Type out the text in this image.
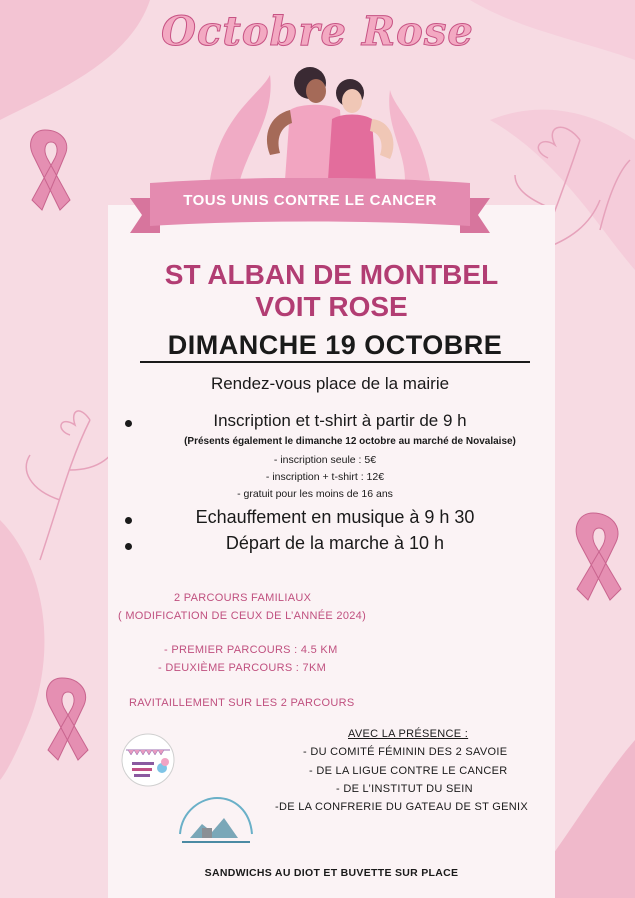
Octobre Rose
TOUS UNIS CONTRE LE CANCER
ST ALBAN DE MONTBEL
VOIT ROSE
DIMANCHE 19 OCTOBRE
Rendez-vous place de la mairie
Inscription et t-shirt à partir de 9 h
(Présents également le dimanche 12 octobre au marché de Novalaise)
- inscription seule : 5€
- inscription + t-shirt : 12€
- gratuit pour les moins de 16 ans
Echauffement en musique à 9 h 30
Départ de la marche à 10 h
2 PARCOURS FAMILIAUX
( MODIFICATION DE CEUX DE L’ANNÉE 2024)
- PREMIER PARCOURS : 4.5 KM
- DEUXIÈME PARCOURS : 7KM
RAVITAILLEMENT SUR LES 2 PARCOURS
AVEC LA PRÉSENCE :
- DU COMITÉ FÉMININ DES 2 SAVOIE
- DE LA LIGUE CONTRE LE CANCER
- DE L’INSTITUT DU SEIN
-DE LA CONFRERIE DU GATEAU DE ST GENIX
SANDWICHS AU DIOT ET BUVETTE SUR PLACE
